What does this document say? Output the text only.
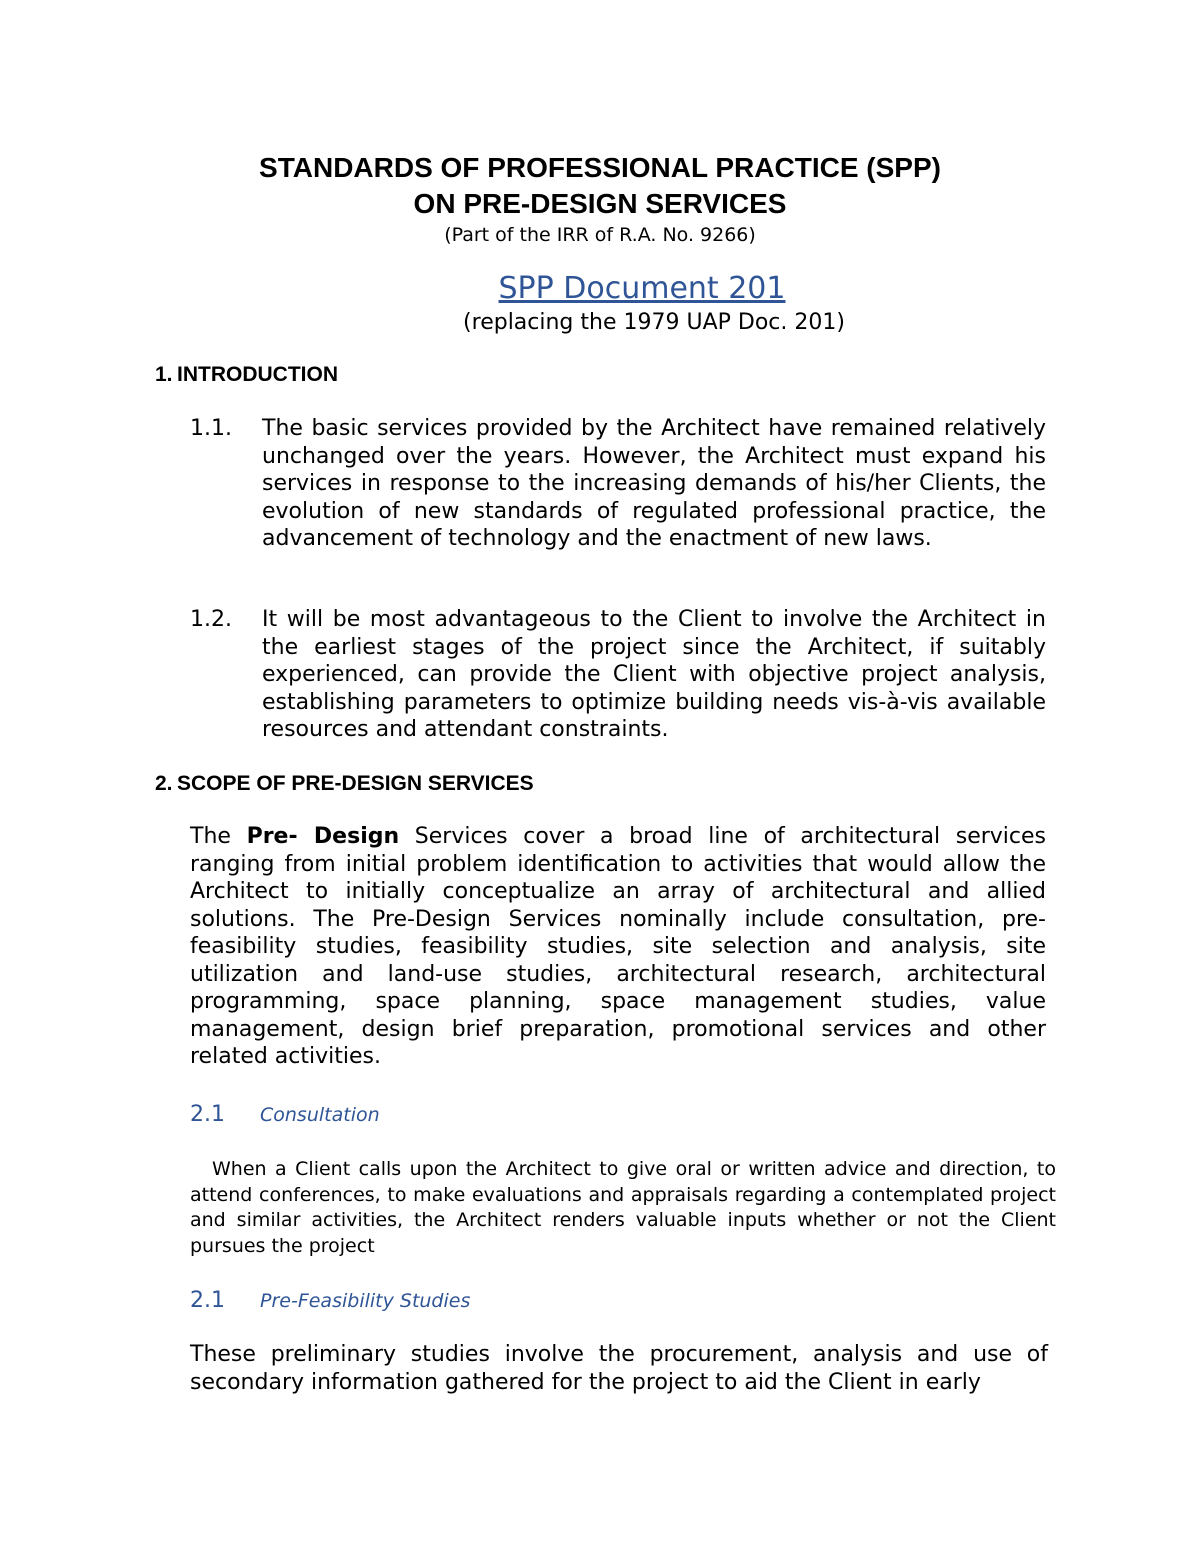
STANDARDS OF PROFESSIONAL PRACTICE (SPP)
ON PRE-DESIGN SERVICES
(Part of the IRR of R.A. No. 9266)
SPP Document 201
(replacing the 1979 UAP Doc. 201)
1. INTRODUCTION
1.1. The basic services provided by the Architect have remained relatively unchanged over the years. However, the Architect must expand his services in response to the increasing demands of his/her Clients, the evolution of new standards of regulated professional practice, the advancement of technology and the enactment of new laws.
1.2. It will be most advantageous to the Client to involve the Architect in the earliest stages of the project since the Architect, if suitably experienced, can provide the Client with objective project analysis, establishing parameters to optimize building needs vis-à-vis available resources and attendant constraints.
2. SCOPE OF PRE-DESIGN SERVICES
The Pre- Design Services cover a broad line of architectural services ranging from initial problem identification to activities that would allow the Architect to initially conceptualize an array of architectural and allied solutions. The Pre-Design Services nominally include consultation, pre-feasibility studies, feasibility studies, site selection and analysis, site utilization and land-use studies, architectural research, architectural programming, space planning, space management studies, value management, design brief preparation, promotional services and other related activities.
2.1 Consultation
When a Client calls upon the Architect to give oral or written advice and direction, to attend conferences, to make evaluations and appraisals regarding a contemplated project and similar activities, the Architect renders valuable inputs whether or not the Client pursues the project
2.1 Pre-Feasibility Studies
These preliminary studies involve the procurement, analysis and use of secondary information gathered for the project to aid the Client in early
